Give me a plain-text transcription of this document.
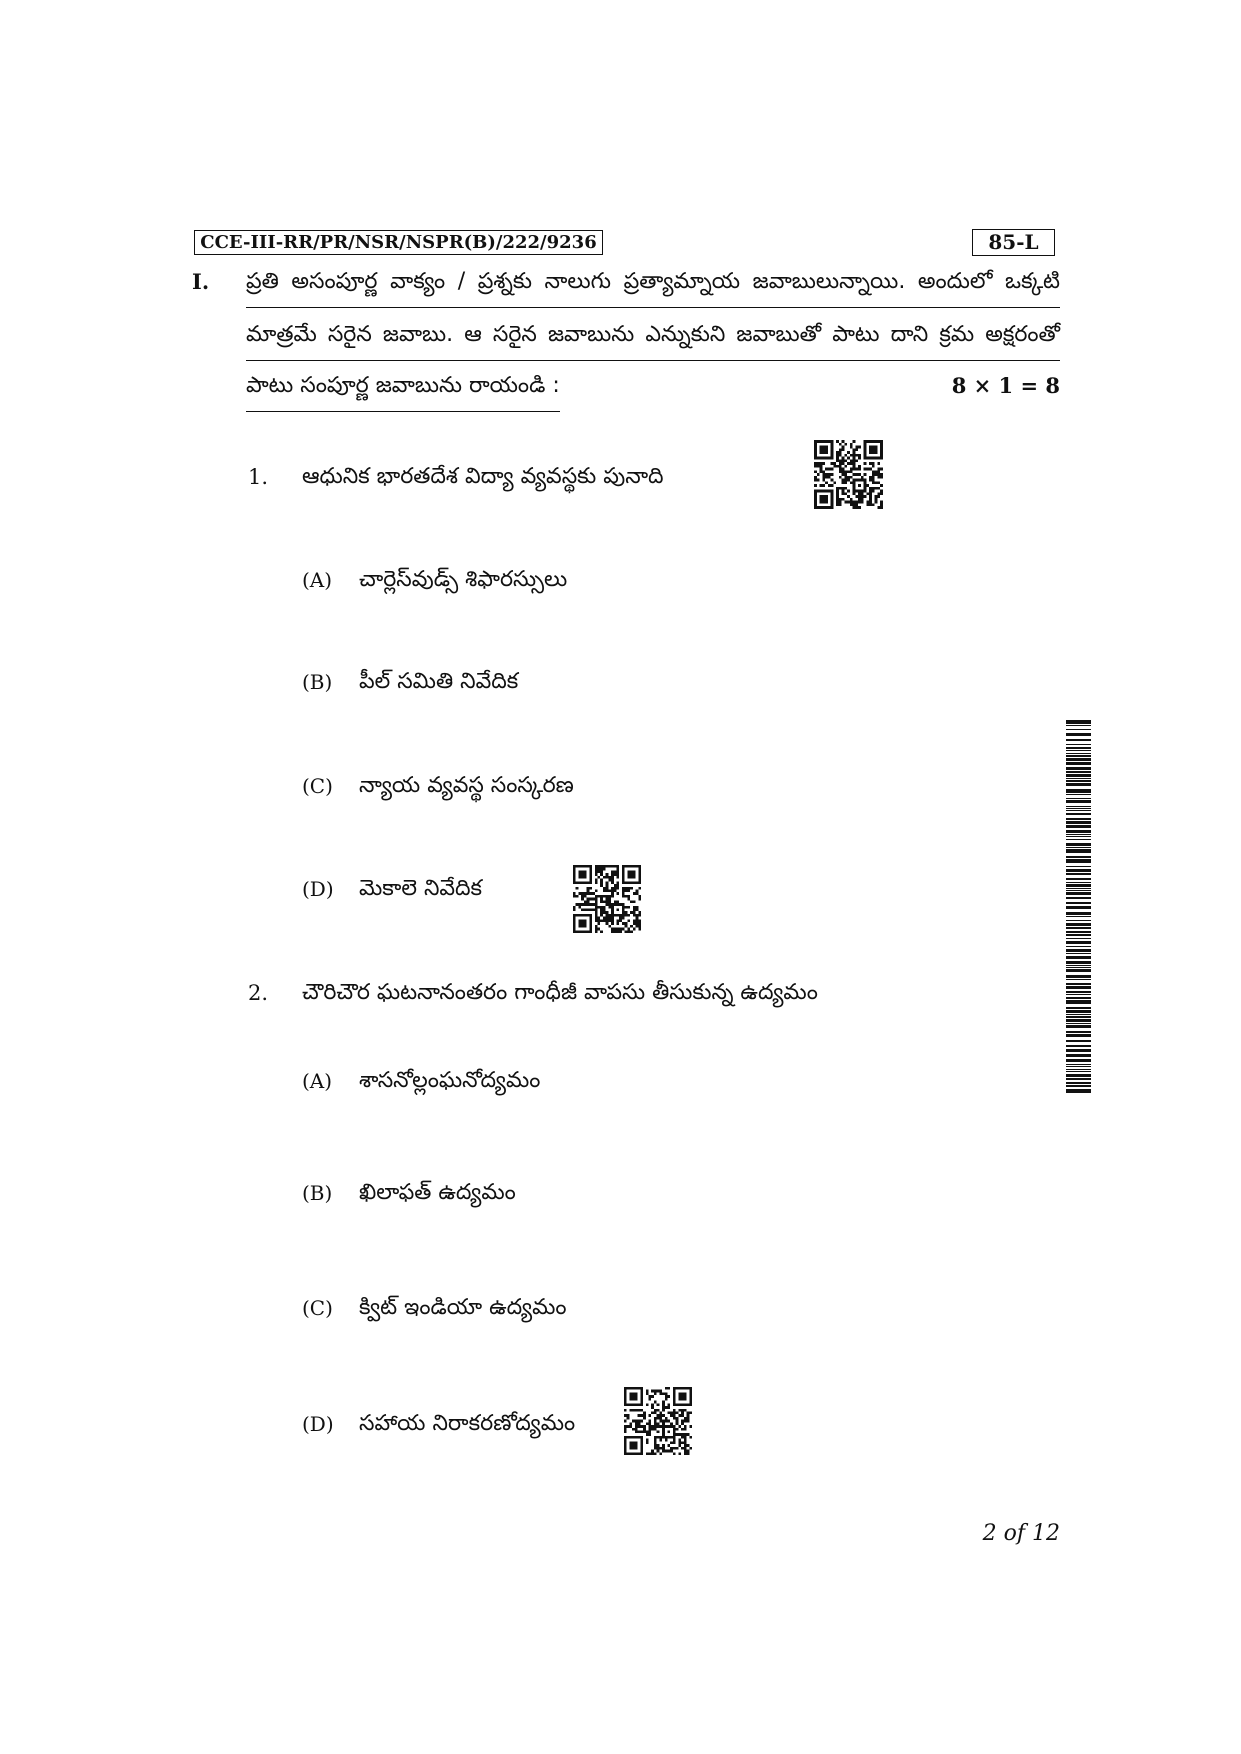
CCE-III-RR/PR/NSR/NSPR(B)/222/9236	85-L
I. ప్రతి అసంపూర్ణ వాక్యం / ప్రశ్నకు నాలుగు ప్రత్యామ్నాయ జవాబులున్నాయి. అందులో ఒక్కటి
మాత్రమే సరైన జవాబు. ఆ సరైన జవాబును ఎన్నుకుని జవాబుతో పాటు దాని క్రమ అక్షరంతో
పాటు సంపూర్ణ జవాబును రాయండి :	8 × 1 = 8
1. ఆధునిక భారతదేశ విద్యా వ్యవస్థకు పునాది
(A) చార్లెస్‌వుడ్స్ శిఫారస్సులు
(B) పీల్ సమితి నివేదిక
(C) న్యాయ వ్యవస్థ సంస్కరణ
(D) మెకాలె నివేదిక
2. చౌరిచౌర ఘటనానంతరం గాంధీజీ వాపసు తీసుకున్న ఉద్యమం
(A) శాసనోల్లంఘనోద్యమం
(B) ఖిలాఫత్ ఉద్యమం
(C) క్విట్ ఇండియా ఉద్యమం
(D) సహాయ నిరాకరణోద్యమం
2 of 12
